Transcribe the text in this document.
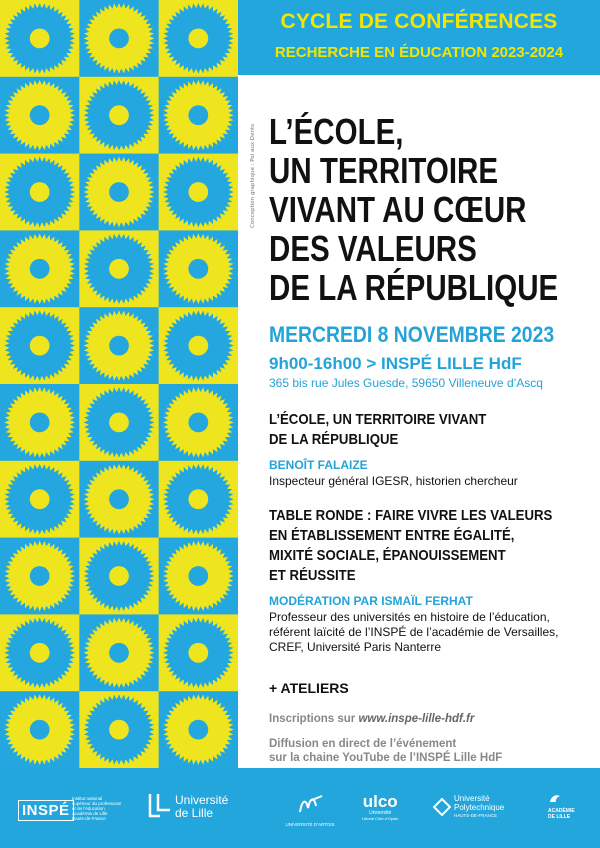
Conception graphique : Pol aux Dents
CYCLE DE CONFÉRENCES
RECHERCHE EN ÉDUCATION 2023-2024
L’ÉCOLE,
UN TERRITOIRE
VIVANT AU CŒUR
DES VALEURS
DE LA RÉPUBLIQUE
MERCREDI 8 NOVEMBRE 2023
9h00-16h00 > INSPÉ LILLE HdF
365 bis rue Jules Guesde, 59650 Villeneuve d’Ascq
L’ÉCOLE, UN TERRITOIRE VIVANT
DE LA RÉPUBLIQUE
BENOÎT FALAIZE
Inspecteur général IGESR, historien chercheur
TABLE RONDE : FAIRE VIVRE LES VALEURS
EN ÉTABLISSEMENT ENTRE ÉGALITÉ,
MIXITÉ SOCIALE, ÉPANOUISSEMENT
ET RÉUSSITE
MODÉRATION PAR ISMAÏL FERHAT
Professeur des universités en histoire de l’éducation,
référent laïcité de l’INSPÉ de l’académie de Versailles,
CREF, Université Paris Nanterre
+ ATELIERS
Inscriptions sur www.inspe-lille-hdf.fr
Diffusion en direct de l’événement
sur la chaine YouTube de l’INSPÉ Lille HdF
INSPÉ
Institut national
supérieur du professorat
et de l’éducation
Académie de Lille
Hauts-de-France
Université
de Lille
UNIVERSITÉ D’ARTOIS
ulco
Université
Littoral Côte d’Opale
Université
Polytechnique
HAUTS-DE-FRANCE
ACADÉMIE
DE LILLE
